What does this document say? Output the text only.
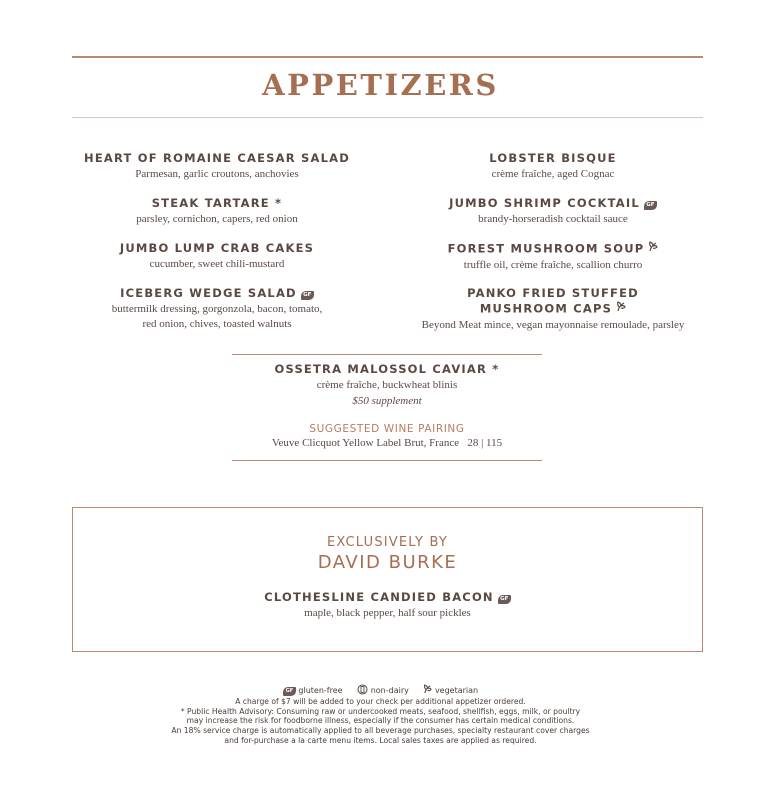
APPETIZERS
HEART OF ROMAINE CAESAR SALAD
Parmesan, garlic croutons, anchovies
STEAK TARTARE *
parsley, cornichon, capers, red onion
JUMBO LUMP CRAB CAKES
cucumber, sweet chili-mustard
ICEBERG WEDGE SALAD GF
buttermilk dressing, gorgonzola, bacon, tomato,
red onion, chives, toasted walnuts
LOBSTER BISQUE
crème fraîche, aged Cognac
JUMBO SHRIMP COCKTAIL GF
brandy-horseradish cocktail sauce
FOREST MUSHROOM SOUP
truffle oil, crème fraîche, scallion churro
PANKO FRIED STUFFED
MUSHROOM CAPS
Beyond Meat mince, vegan mayonnaise remoulade, parsley
OSSETRA MALOSSOL CAVIAR *
crème fraîche, buckwheat blinis
$50 supplement
SUGGESTED WINE PAIRING
Veuve Clicquot Yellow Label Brut, France   28 | 115
EXCLUSIVELY BY
DAVID BURKE
CLOTHESLINE CANDIED BACON GF
maple, black pepper, half sour pickles
GF gluten-free	non-dairy	vegetarian
A charge of $7 will be added to your check per additional appetizer ordered.
* Public Health Advisory: Consuming raw or undercooked meats, seafood, shellfish, eggs, milk, or poultry
may increase the risk for foodborne illness, especially if the consumer has certain medical conditions.
An 18% service charge is automatically applied to all beverage purchases, specialty restaurant cover charges
and for-purchase a la carte menu items. Local sales taxes are applied as required.
